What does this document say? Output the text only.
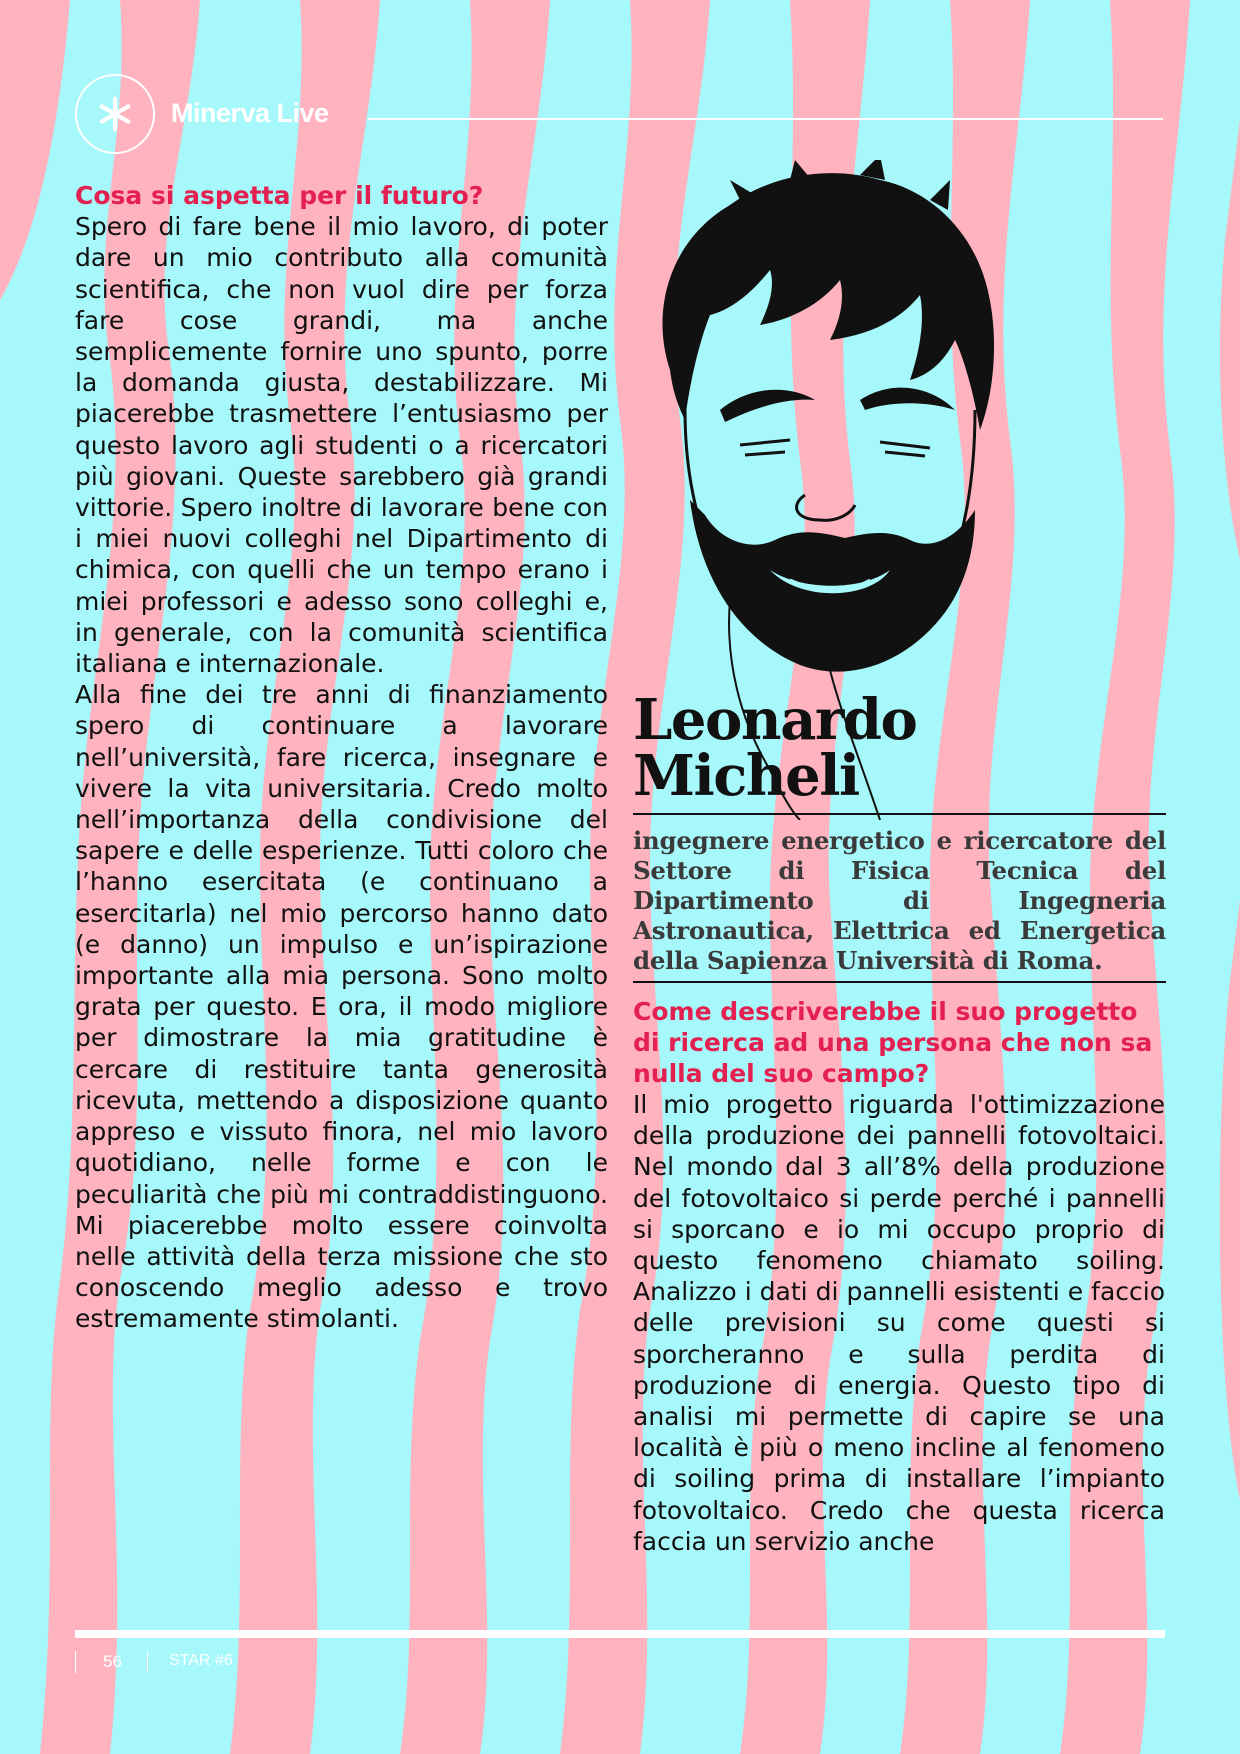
Minerva Live

Cosa si aspetta per il futuro?

Spero di fare bene il mio lavoro, di poter dare un mio contributo alla comunità scientifica, che non vuol dire per forza fare cose grandi, ma anche semplicemente fornire uno spunto, porre la domanda giusta, destabilizzare. Mi piacerebbe trasmettere l’entusiasmo per questo lavoro agli studenti o a ricercatori più giovani. Queste sarebbero già grandi vittorie. Spero inoltre di lavorare bene con i miei nuovi colleghi nel Dipartimento di chimica, con quelli che un tempo erano i miei professori e adesso sono colleghi e, in generale, con la comunità scientifica italiana e internazionale.

Alla fine dei tre anni di finanziamento spero di continuare a lavorare nell’università, fare ricerca, insegnare e vivere la vita universitaria. Credo molto nell’importanza della condivisione del sapere e delle esperienze. Tutti coloro che l’hanno esercitata (e continuano a esercitarla) nel mio percorso hanno dato (e danno) un impulso e un’ispirazione importante alla mia persona. Sono molto grata per questo. E ora, il modo migliore per dimostrare la mia gratitudine è cercare di restituire tanta generosità ricevuta, mettendo a disposizione quanto appreso e vissuto finora, nel mio lavoro quotidiano, nelle forme e con le peculiarità che più mi contraddistinguono. Mi piacerebbe molto essere coinvolta nelle attività della terza missione che sto conoscendo meglio adesso e trovo estremamente stimolanti.

Leonardo
Micheli
ingegnere energetico e ricercatore del Settore di Fisica Tecnica del Dipartimento di Ingegneria Astronautica, Elettrica ed Energetica della Sapienza Università di Roma.

Come descriverebbe il suo progetto di ricerca ad una persona che non sa nulla del suo campo?

Il mio progetto riguarda l'ottimizzazione della produzione dei pannelli fotovoltaici. Nel mondo dal 3 all’8% della produzione del fotovoltaico si perde perché i pannelli si sporcano e io mi occupo proprio di questo fenomeno chiamato soiling. Analizzo i dati di pannelli esistenti e faccio delle previsioni su come questi si sporcheranno e sulla perdita di produzione di energia. Questo tipo di analisi mi permette di capire se una località è più o meno incline al fenomeno di soiling prima di installare l’impianto fotovoltaico. Credo che questa ricerca faccia un servizio anche

56	STAR #6
